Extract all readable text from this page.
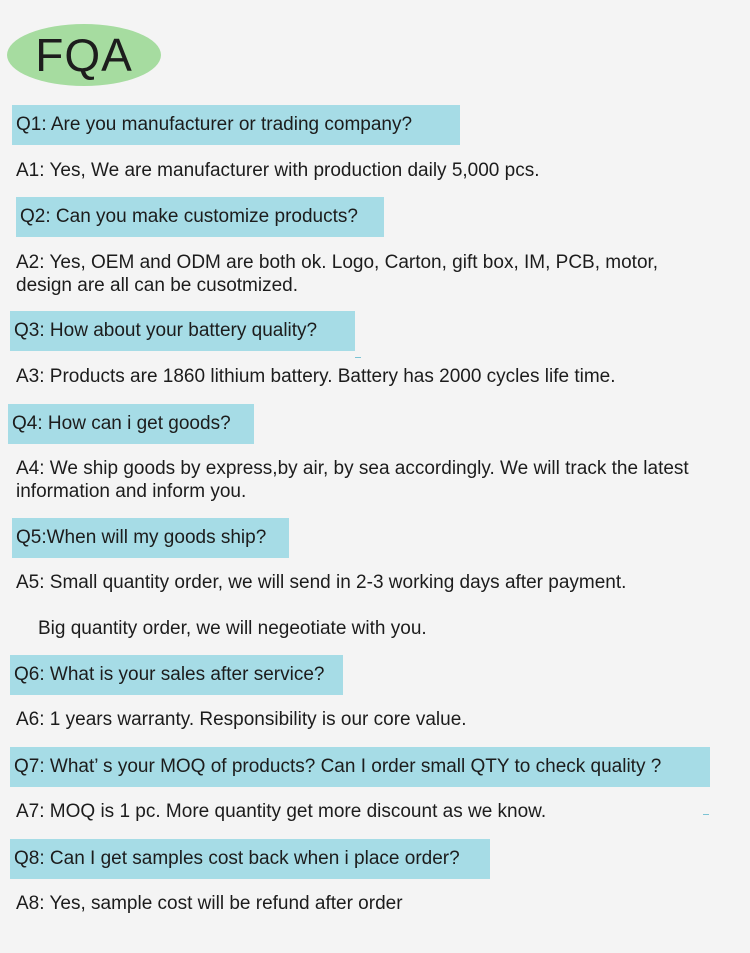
FQA
Q1: Are you manufacturer or trading company?
A1: Yes, We are manufacturer with production daily 5,000 pcs.
Q2: Can you make customize products?
A2: Yes, OEM and ODM are both ok. Logo, Carton, gift box, IM, PCB, motor,
design are all can be cusotmized.
Q3: How about your battery quality?
A3: Products are 1860 lithium battery. Battery has 2000 cycles life time.
Q4: How can i get goods?
A4: We ship goods by express,by air, by sea accordingly. We will track the latest
information and inform you.
Q5:When will my goods ship?
A5: Small quantity order, we will send in 2-3 working days after payment.
Big quantity order, we will negeotiate with you.
Q6: What is your sales after service?
A6: 1 years warranty. Responsibility is our core value.
Q7: What’ s your MOQ of products? Can I order small QTY to check quality ?
A7: MOQ is 1 pc. More quantity get more discount as we know.
Q8: Can I get samples cost back when i place order?
A8: Yes, sample cost will be refund after order
